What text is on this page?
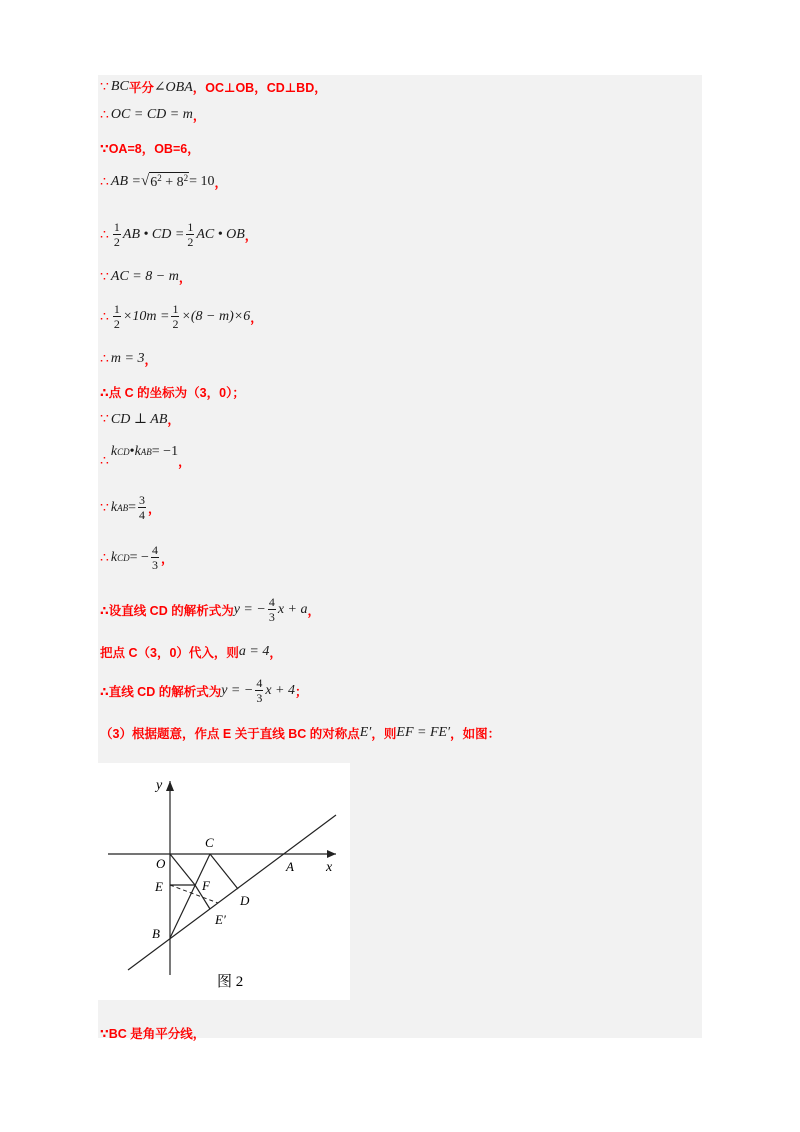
∵ BC 平分 ∠OBA ，OC⊥OB，CD⊥BD，
∴ OC = CD = m ，
∵OA=8，OB=6，
∴ AB = √ $6^2 + 8^2 = 10$ ，
∴ $\frac{1}{2}$ AB • CD = $\frac{1}{2}$ AC • OB ，
∵ AC = 8 − m ，
∴ $\frac{1}{2} \times 10m = \frac{1}{2} \times(8 - m)\times 6$ ，
∴ m = 3 ，
∴点 C 的坐标为（3，0）；
∵ CD ⊥ AB ，
∴
k CD • k AB = −1
，
∵ k AB = $\frac{3}{4}$ ，
∴ k CD = − $\frac{4}{3}$ ，
∴设直线 CD 的解析式为 y = − $\frac{4}{3}$ x + a ，
把点 C（3，0）代入，则 a = 4 ，
∴直线 CD 的解析式为 y = − $\frac{4}{3}$ x + 4 ；
（3）根据题意，作点 E 关于直线 BC 的对称点 E′ ，则 EF = FE′ ，如图：
y
x
O
C
A
E	F
D
E′
B
图 2
∵BC 是角平分线，
